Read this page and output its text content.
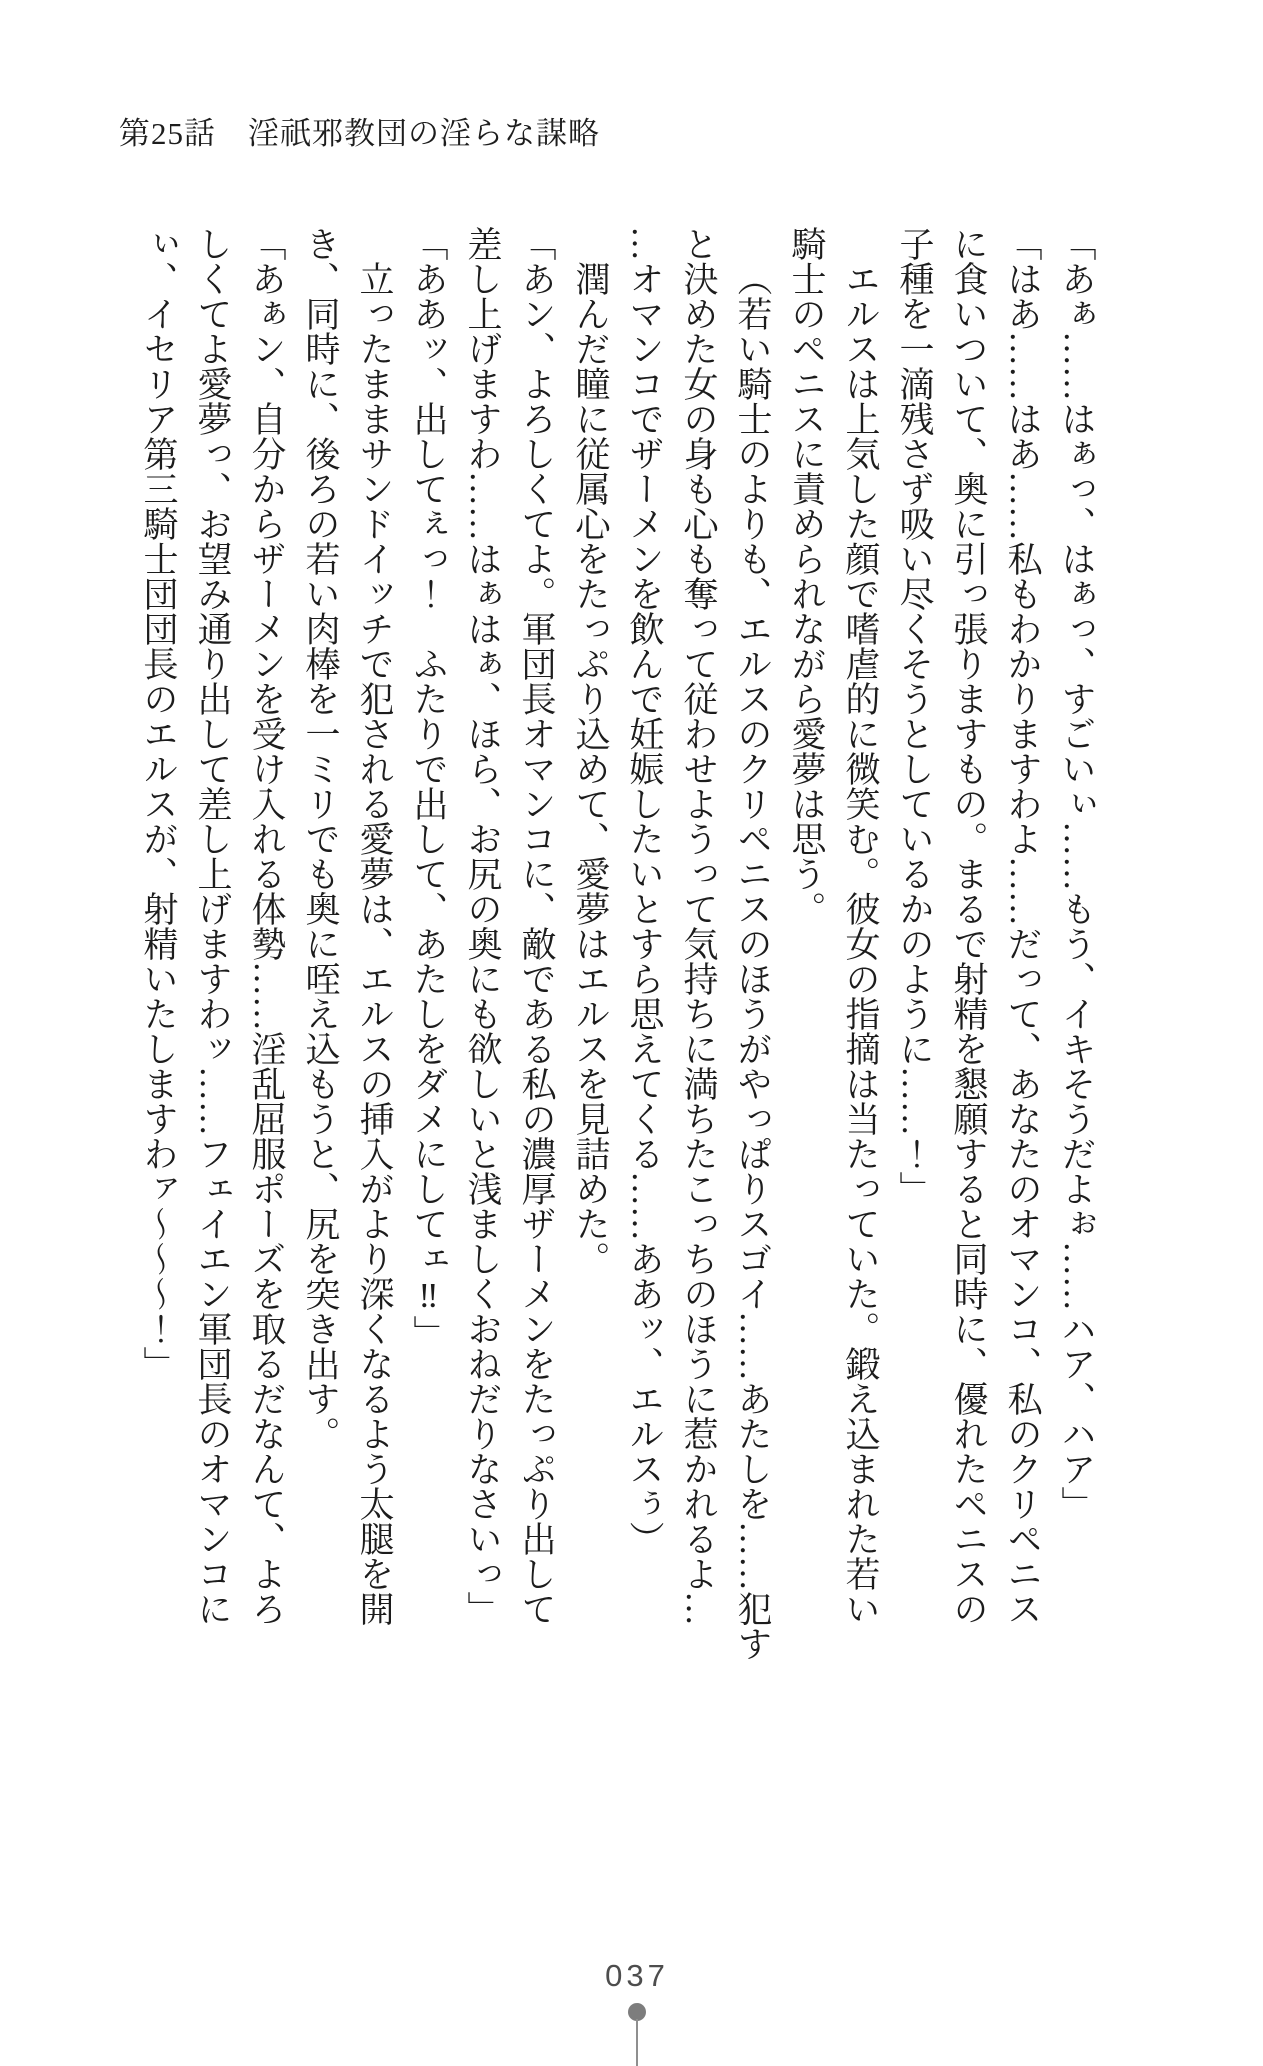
第25話　淫祇邪教団の淫らな謀略
「あぁ……はぁっ、はぁっ、すごいぃ……もう、イキそうだよぉ……ハア、ハア」
「はあ……はあ……私もわかりますわよ……だって、あなたのオマンコ、私のクリペニス
に食いついて、奥に引っ張りますもの。まるで射精を懇願すると同時に、優れたペニスの
子種を一滴残さず吸い尽くそうとしているかのように……！」
エルスは上気した顔で嗜虐的に微笑む。彼女の指摘は当たっていた。鍛え込まれた若い
騎士のペニスに責められながら愛夢は思う。
（若い騎士のよりも、エルスのクリペニスのほうがやっぱりスゴイ……あたしを……犯す
と決めた女の身も心も奪って従わせようって気持ちに満ちたこっちのほうに惹かれるよ…
…オマンコでザーメンを飲んで妊娠したいとすら思えてくる……ああッ、エルスぅ）
潤んだ瞳に従属心をたっぷり込めて、愛夢はエルスを見詰めた。
「あン、よろしくてよ。軍団長オマンコに、敵である私の濃厚ザーメンをたっぷり出して
差し上げますわ……はぁはぁ、ほら、お尻の奥にも欲しいと浅ましくおねだりなさいっ」
「ああッ、出してぇっ！　ふたりで出して、あたしをダメにしてェ‼」
立ったままサンドイッチで犯される愛夢は、エルスの挿入がより深くなるよう太腿を開
き、同時に、後ろの若い肉棒を一ミリでも奥に咥え込もうと、尻を突き出す。
「あぁン、自分からザーメンを受け入れる体勢……淫乱屈服ポーズを取るだなんて、よろ
しくてよ愛夢っ、お望み通り出して差し上げますわッ……フェイエン軍団長のオマンコに
ぃ、イセリア第三騎士団団長のエルスが、射精いたしますわァ～～～！」
037
